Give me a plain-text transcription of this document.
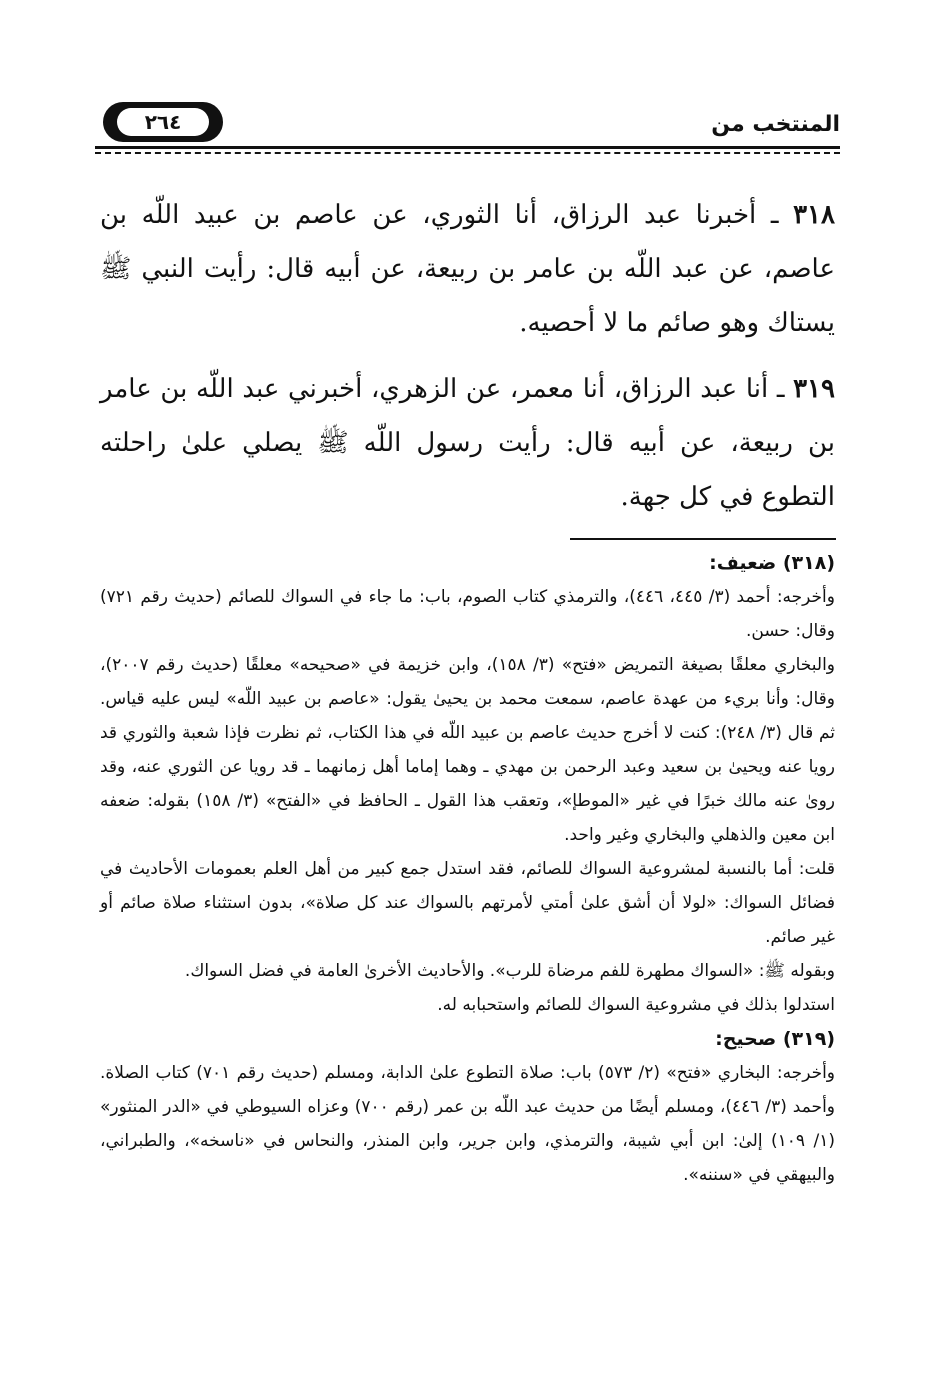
المنتخب من
٢٦٤

٣١٨ ـ أخبرنا عبد الرزاق، أنا الثوري، عن عاصم بن عبيد اللّه بن عاصم، عن عبد اللّه بن عامر بن ربيعة، عن أبيه قال: رأيت النبي ﷺ يستاك وهو صائم ما لا أحصيه.

٣١٩ ـ أنا عبد الرزاق، أنا معمر، عن الزهري، أخبرني عبد اللّه بن عامر بن ربيعة، عن أبيه قال: رأيت رسول اللّه ﷺ يصلي علىٰ راحلته التطوع في كل جهة.

(٣١٨) ضعيف:

وأخرجه: أحمد (٣/ ٤٤٥، ٤٤٦)، والترمذي كتاب الصوم، باب: ما جاء في السواك للصائم (حديث رقم ٧٢١) وقال: حسن.

والبخاري معلقًا بصيغة التمريض «فتح» (٣/ ١٥٨)، وابن خزيمة في «صحيحه» معلقًا (حديث رقم ٢٠٠٧)، وقال: وأنا بريء من عهدة عاصم، سمعت محمد بن يحيىٰ يقول: «عاصم بن عبيد اللّه» ليس عليه قياس. ثم قال (٣/ ٢٤٨): كنت لا أخرج حديث عاصم بن عبيد اللّه في هذا الكتاب، ثم نظرت فإذا شعبة والثوري قد رويا عنه ويحيىٰ بن سعيد وعبد الرحمن بن مهدي ـ وهما إماما أهل زمانهما ـ قد رويا عن الثوري عنه، وقد روىٰ عنه مالك خبرًا في غير «الموطإ»، وتعقب هذا القول ـ الحافظ في «الفتح» (٣/ ١٥٨) بقوله: ضعفه ابن معين والذهلي والبخاري وغير واحد.

قلت: أما بالنسبة لمشروعية السواك للصائم، فقد استدل جمع كبير من أهل العلم بعمومات الأحاديث في فضائل السواك: «لولا أن أشق علىٰ أمتي لأمرتهم بالسواك عند كل صلاة»، بدون استثناء صلاة صائم أو غير صائم.

وبقوله ﷺ: «السواك مطهرة للفم مرضاة للرب». والأحاديث الأخرىٰ العامة في فضل السواك.

استدلوا بذلك في مشروعية السواك للصائم واستحبابه له.

(٣١٩) صحيح:

وأخرجه: البخاري «فتح» (٢/ ٥٧٣) باب: صلاة التطوع علىٰ الدابة، ومسلم (حديث رقم ٧٠١) كتاب الصلاة. وأحمد (٣/ ٤٤٦)، ومسلم أيضًا من حديث عبد اللّه بن عمر (رقم ٧٠٠) وعزاه السيوطي في «الدر المنثور» (١/ ١٠٩) إلىٰ: ابن أبي شيبة، والترمذي، وابن جرير، وابن المنذر، والنحاس في «ناسخه»، والطبراني، والبيهقي في «سننه».
